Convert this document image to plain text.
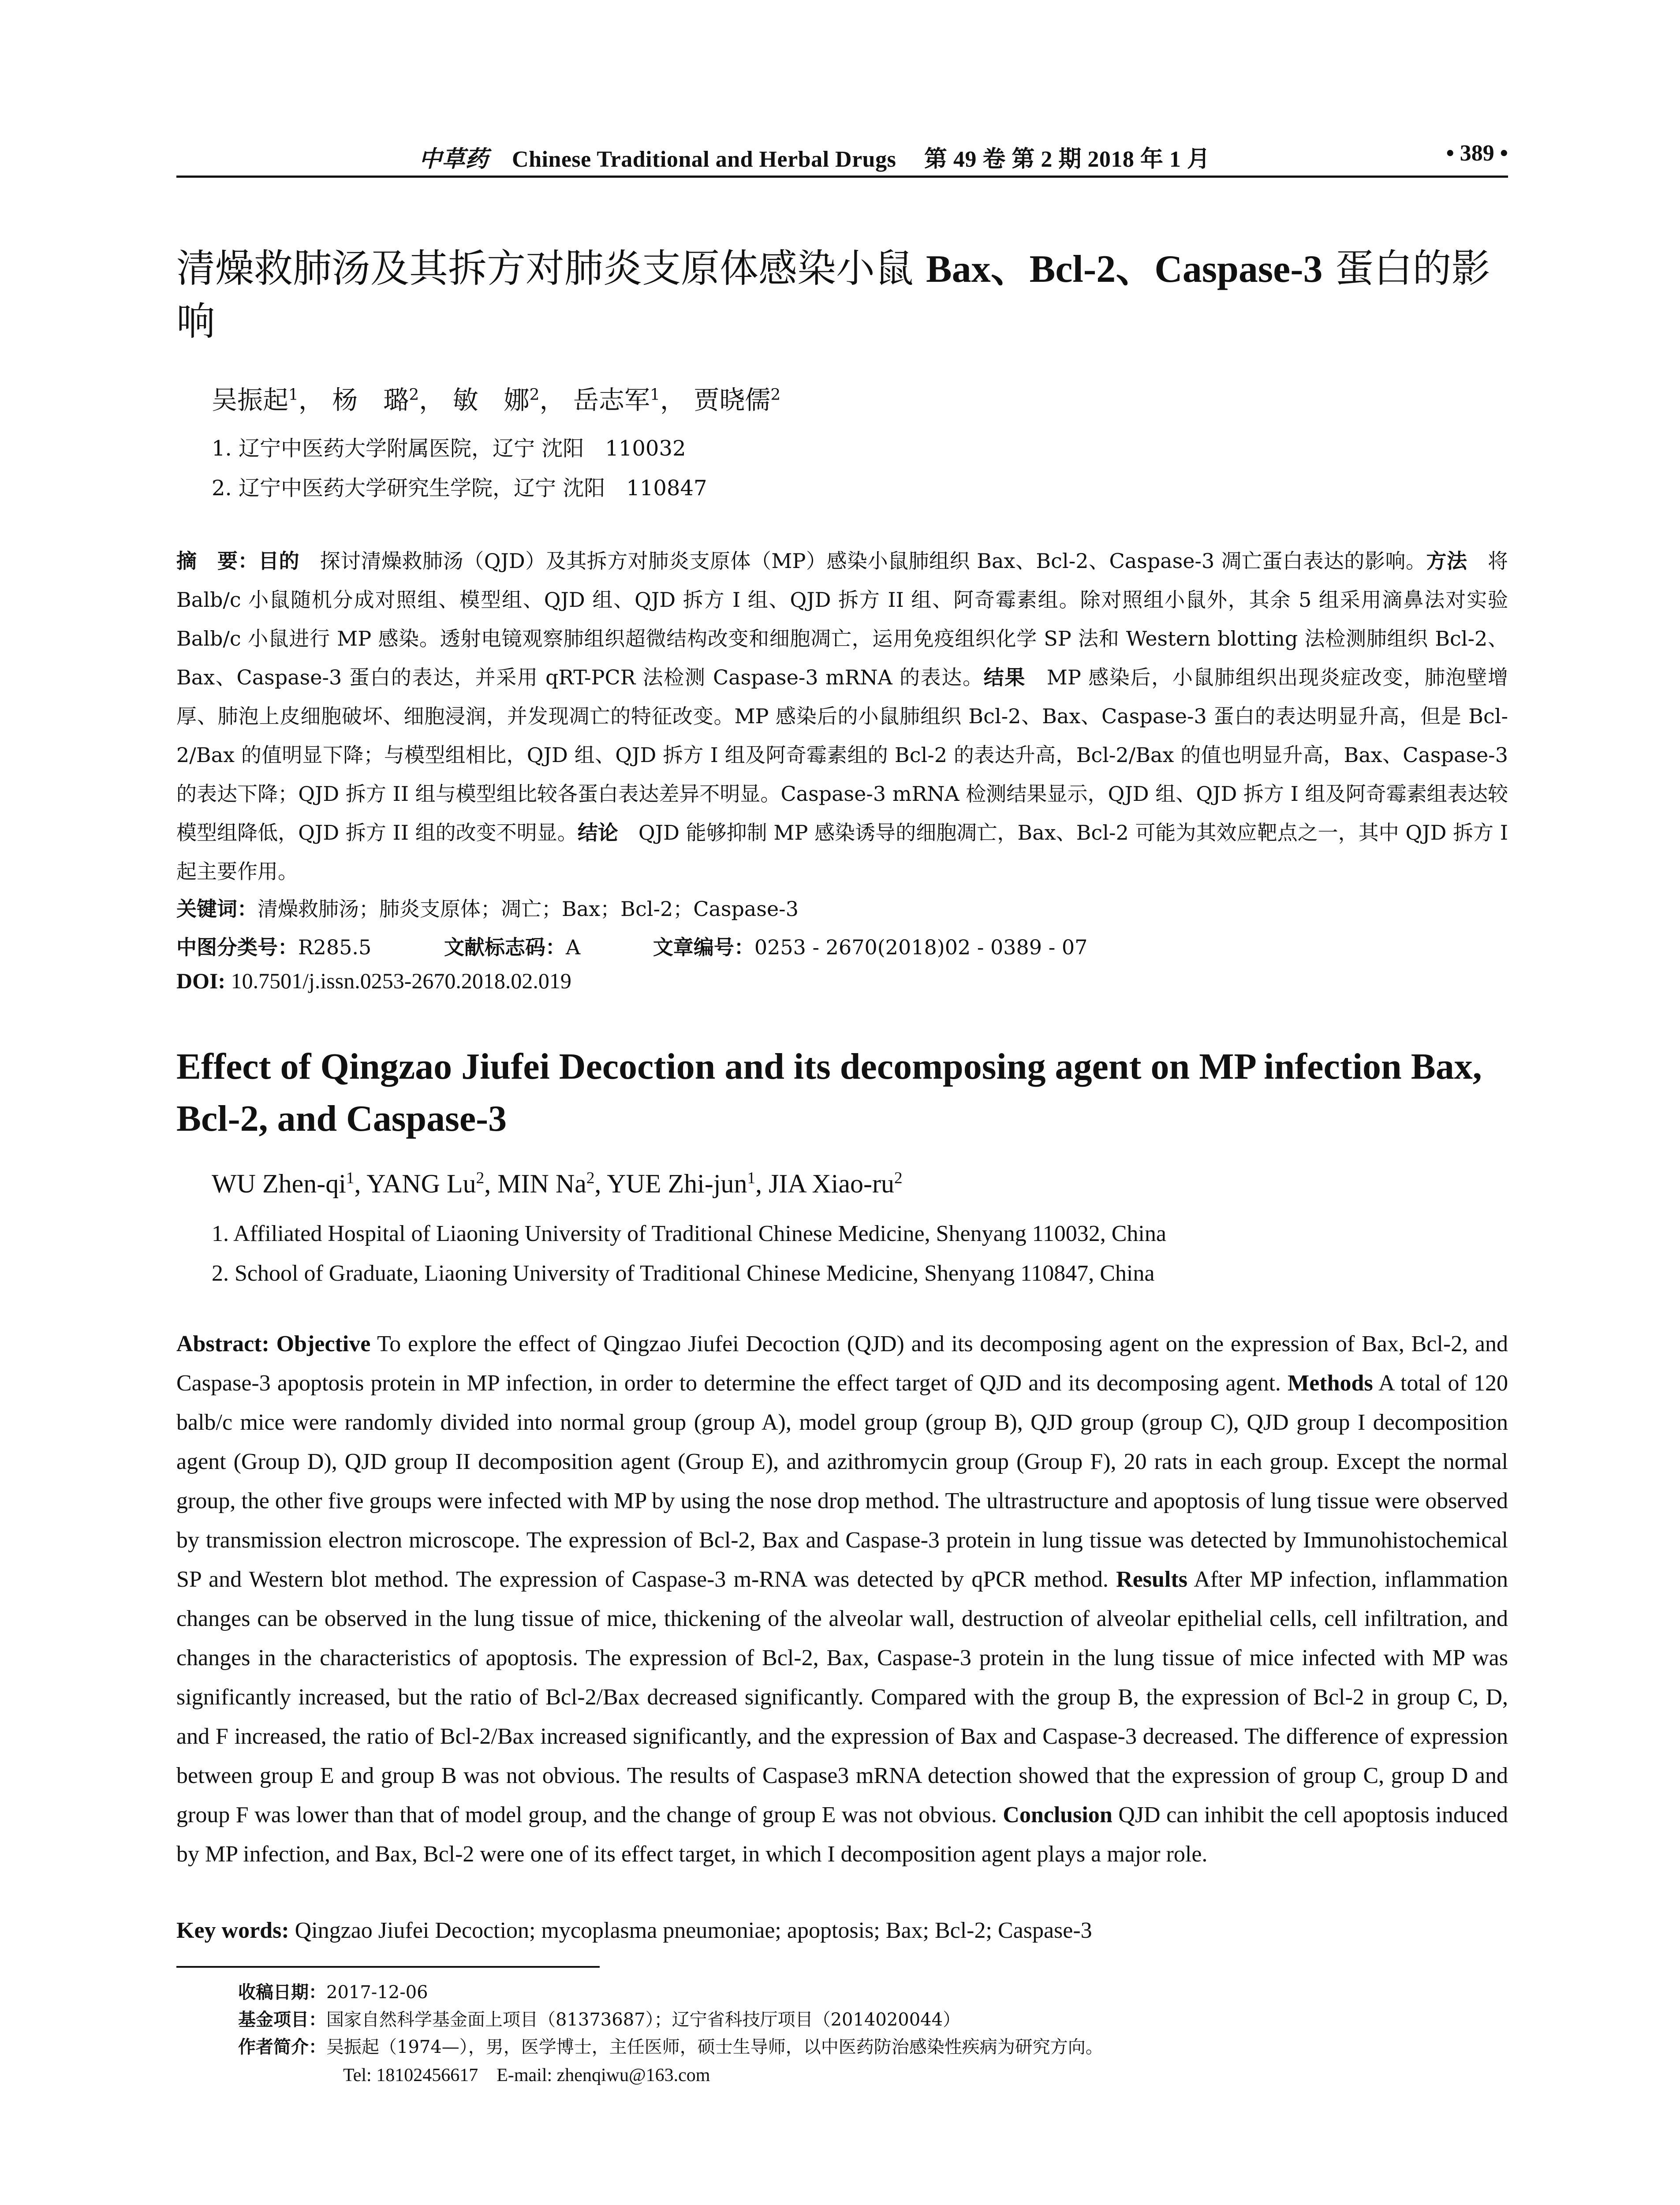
中草药 Chinese Traditional and Herbal Drugs 第 49 卷 第 2 期 2018 年 1 月	• 389 •
清燥救肺汤及其拆方对肺炎支原体感染小鼠 Bax、Bcl-2、Caspase-3 蛋白的影响
吴振起$^1$， 杨　璐$^2$， 敏　娜$^2$， 岳志军$^1$， 贾晓儒$^2$
1. 辽宁中医药大学附属医院，辽宁 沈阳　110032
2. 辽宁中医药大学研究生学院，辽宁 沈阳　110847
摘　要：目的　探讨清燥救肺汤（QJD）及其拆方对肺炎支原体（MP）感染小鼠肺组织 Bax、Bcl-2、Caspase-3 凋亡蛋白表达的影响。方法　将 Balb/c 小鼠随机分成对照组、模型组、QJD 组、QJD 拆方 I 组、QJD 拆方 II 组、阿奇霉素组。除对照组小鼠外，其余 5 组采用滴鼻法对实验 Balb/c 小鼠进行 MP 感染。透射电镜观察肺组织超微结构改变和细胞凋亡，运用免疫组织化学 SP 法和 Western blotting 法检测肺组织 Bcl-2、Bax、Caspase-3 蛋白的表达，并采用 qRT-PCR 法检测 Caspase-3 mRNA 的表达。结果　MP 感染后，小鼠肺组织出现炎症改变，肺泡壁增厚、肺泡上皮细胞破坏、细胞浸润，并发现凋亡的特征改变。MP 感染后的小鼠肺组织 Bcl-2、Bax、Caspase-3 蛋白的表达明显升高，但是 Bcl-2/Bax 的值明显下降；与模型组相比，QJD 组、QJD 拆方 I 组及阿奇霉素组的 Bcl-2 的表达升高，Bcl-2/Bax 的值也明显升高，Bax、Caspase-3 的表达下降；QJD 拆方 II 组与模型组比较各蛋白表达差异不明显。Caspase-3 mRNA 检测结果显示，QJD 组、QJD 拆方 I 组及阿奇霉素组表达较模型组降低，QJD 拆方 II 组的改变不明显。结论　QJD 能够抑制 MP 感染诱导的细胞凋亡，Bax、Bcl-2 可能为其效应靶点之一，其中 QJD 拆方 I 起主要作用。
关键词：清燥救肺汤；肺炎支原体；凋亡；Bax；Bcl-2；Caspase-3
中图分类号：R285.5	文献标志码：A	文章编号：0253 - 2670(2018)02 - 0389 - 07
DOI: 10.7501/j.issn.0253-2670.2018.02.019
Effect of Qingzao Jiufei Decoction and its decomposing agent on MP infection Bax, Bcl-2, and Caspase-3
WU Zhen-$qi^1$, YANG Lu$^2$, MIN Na$^2$, YUE Zhi-jun$^1$, JIA Xiao-$ru^2$
1. Affiliated Hospital of Liaoning University of Traditional Chinese Medicine, Shenyang 110032, China
2. School of Graduate, Liaoning University of Traditional Chinese Medicine, Shenyang 110847, China
Abstract: Objective To explore the effect of Qingzao Jiufei Decoction (QJD) and its decomposing agent on the expression of Bax, Bcl-2, and Caspase-3 apoptosis protein in MP infection, in order to determine the effect target of QJD and its decomposing agent. Methods A total of 120 balb/c mice were randomly divided into normal group (group A), model group (group B), QJD group (group C), QJD group I decomposition agent (Group D), QJD group II decomposition agent (Group E), and azithromycin group (Group F), 20 rats in each group. Except the normal group, the other five groups were infected with MP by using the nose drop method. The ultrastructure and apoptosis of lung tissue were observed by transmission electron microscope. The expression of Bcl-2, Bax and Caspase-3 protein in lung tissue was detected by Immunohistochemical SP and Western blot method. The expression of Caspase-3 m-RNA was detected by qPCR method. Results After MP infection, inflammation changes can be observed in the lung tissue of mice, thickening of the alveolar wall, destruction of alveolar epithelial cells, cell infiltration, and changes in the characteristics of apoptosis. The expression of Bcl-2, Bax, Caspase-3 protein in the lung tissue of mice infected with MP was significantly increased, but the ratio of Bcl-2/Bax decreased significantly. Compared with the group B, the expression of Bcl-2 in group C, D, and F increased, the ratio of Bcl-2/Bax increased significantly, and the expression of Bax and Caspase-3 decreased. The difference of expression between group E and group B was not obvious. The results of Caspase3 mRNA detection showed that the expression of group C, group D and group F was lower than that of model group, and the change of group E was not obvious. Conclusion QJD can inhibit the cell apoptosis induced by MP infection, and Bax, Bcl-2 were one of its effect target, in which I decomposition agent plays a major role.
Key words: Qingzao Jiufei Decoction; mycoplasma pneumoniae; apoptosis; Bax; Bcl-2; Caspase-3
收稿日期：2017-12-06
基金项目：国家自然科学基金面上项目（81373687）；辽宁省科技厅项目（2014020044）
作者简介：吴振起（1974—），男，医学博士，主任医师，硕士生导师，以中医药防治感染性疾病为研究方向。
Tel: 18102456617　E-mail: zhenqiwu@163.com
